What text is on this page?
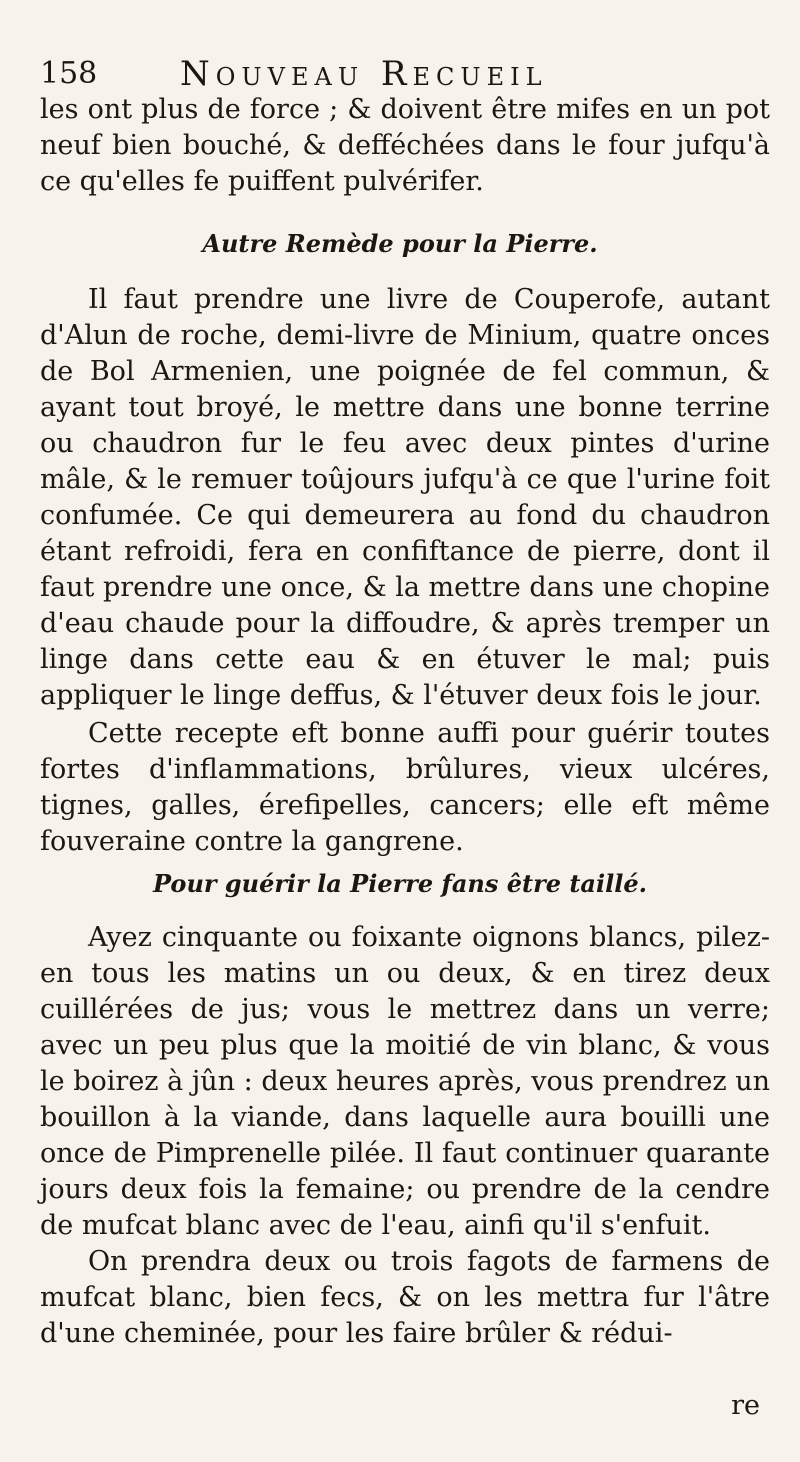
158 Nouveau Recueil

les ont plus de force ; & doivent être mifes en un pot neuf bien bouché, & defféchées dans le four jufqu'à ce qu'elles fe puiffent pulvérifer.

Autre Remède pour la Pierre.

Il faut prendre une livre de Couperofe, autant d'Alun de roche, demi-livre de Minium, quatre onces de Bol Armenien, une poignée de fel commun, & ayant tout broyé, le mettre dans une bonne terrine ou chaudron fur le feu avec deux pintes d'urine mâle, & le remuer toûjours jufqu'à ce que l'urine foit confumée. Ce qui demeurera au fond du chaudron étant refroidi, fera en confiftance de pierre, dont il faut prendre une once, & la mettre dans une chopine d'eau chaude pour la diffoudre, & après tremper un linge dans cette eau & en étuver le mal; puis appliquer le linge deffus, & l'étuver deux fois le jour.

Cette recepte eft bonne auffi pour guérir toutes fortes d'inflammations, brûlures, vieux ulcéres, tignes, galles, érefipelles, cancers; elle eft même fouveraine contre la gangrene.

Pour guérir la Pierre fans être taillé.

Ayez cinquante ou foixante oignons blancs, pilez-en tous les matins un ou deux, & en tirez deux cuillérées de jus; vous le mettrez dans un verre; avec un peu plus que la moitié de vin blanc, & vous le boirez à jûn : deux heures après, vous prendrez un bouillon à la viande, dans laquelle aura bouilli une once de Pimprenelle pilée. Il faut continuer quarante jours deux fois la femaine; ou prendre de la cendre de mufcat blanc avec de l'eau, ainfi qu'il s'enfuit.

On prendra deux ou trois fagots de farmens de mufcat blanc, bien fecs, & on les mettra fur l'âtre d'une cheminée, pour les faire brûler & rédui-

re
